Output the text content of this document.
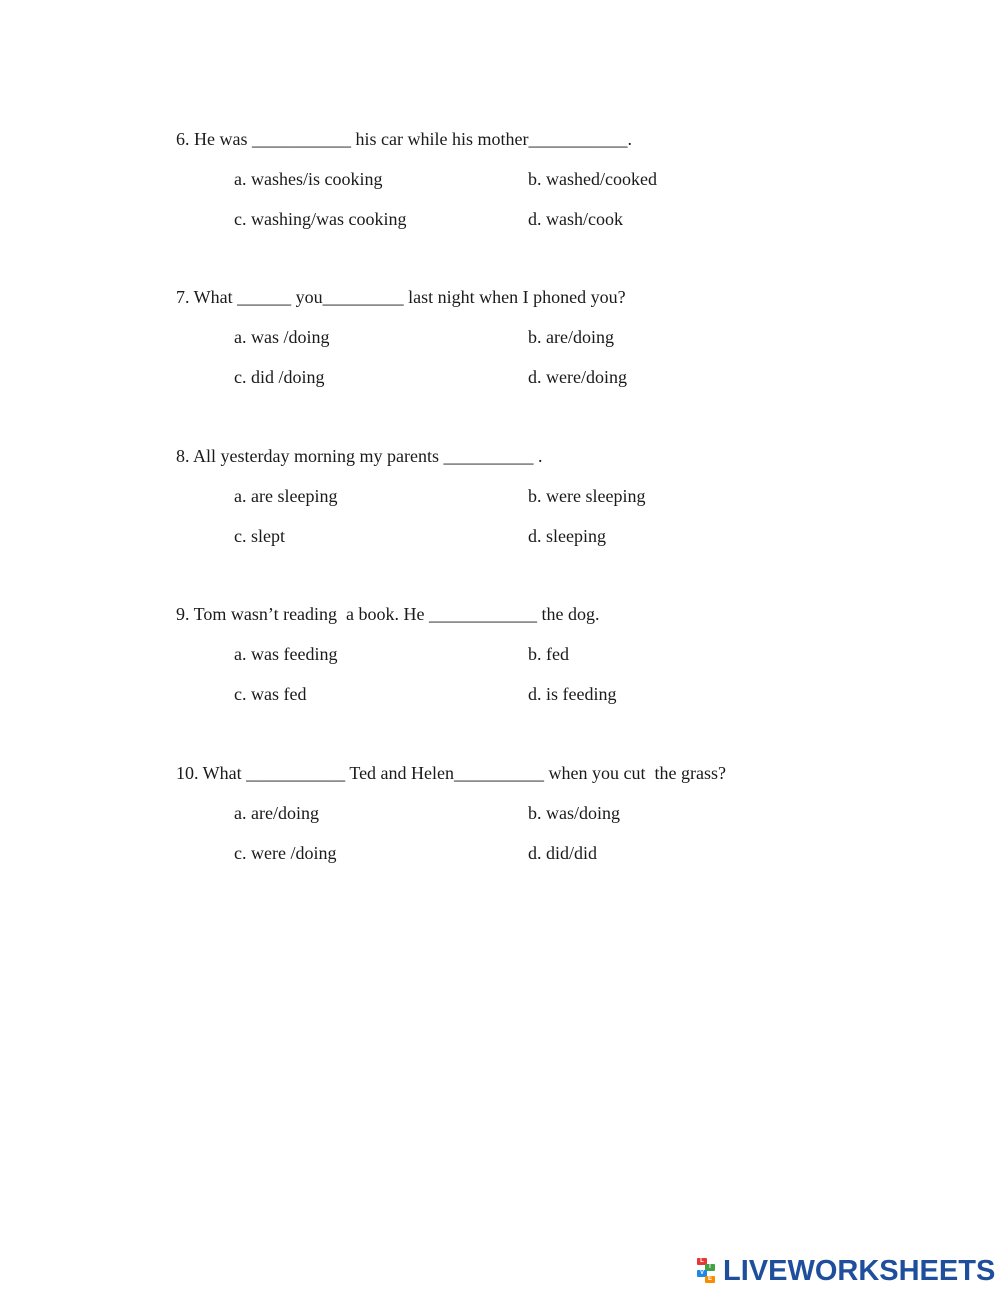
6. He was ___________ his car while his mother___________.
a. washes/is cooking	b. washed/cooked
c. washing/was cooking	d. wash/cook
7. What ______ you_________ last night when I phoned you?
a. was /doing	b. are/doing
c. did /doing	d. were/doing
8. All yesterday morning my parents __________ .
a. are sleeping	b. were sleeping
c. slept	d. sleeping
9. Tom wasn’t reading  a book. He ____________ the dog.
a. was feeding	b. fed
c. was fed	d. is feeding
10. What ___________ Ted and Helen__________ when you cut  the grass?
a. are/doing	b. was/doing
c. were /doing	d. did/did
L
I
V
E LIVEWORKSHEETS
